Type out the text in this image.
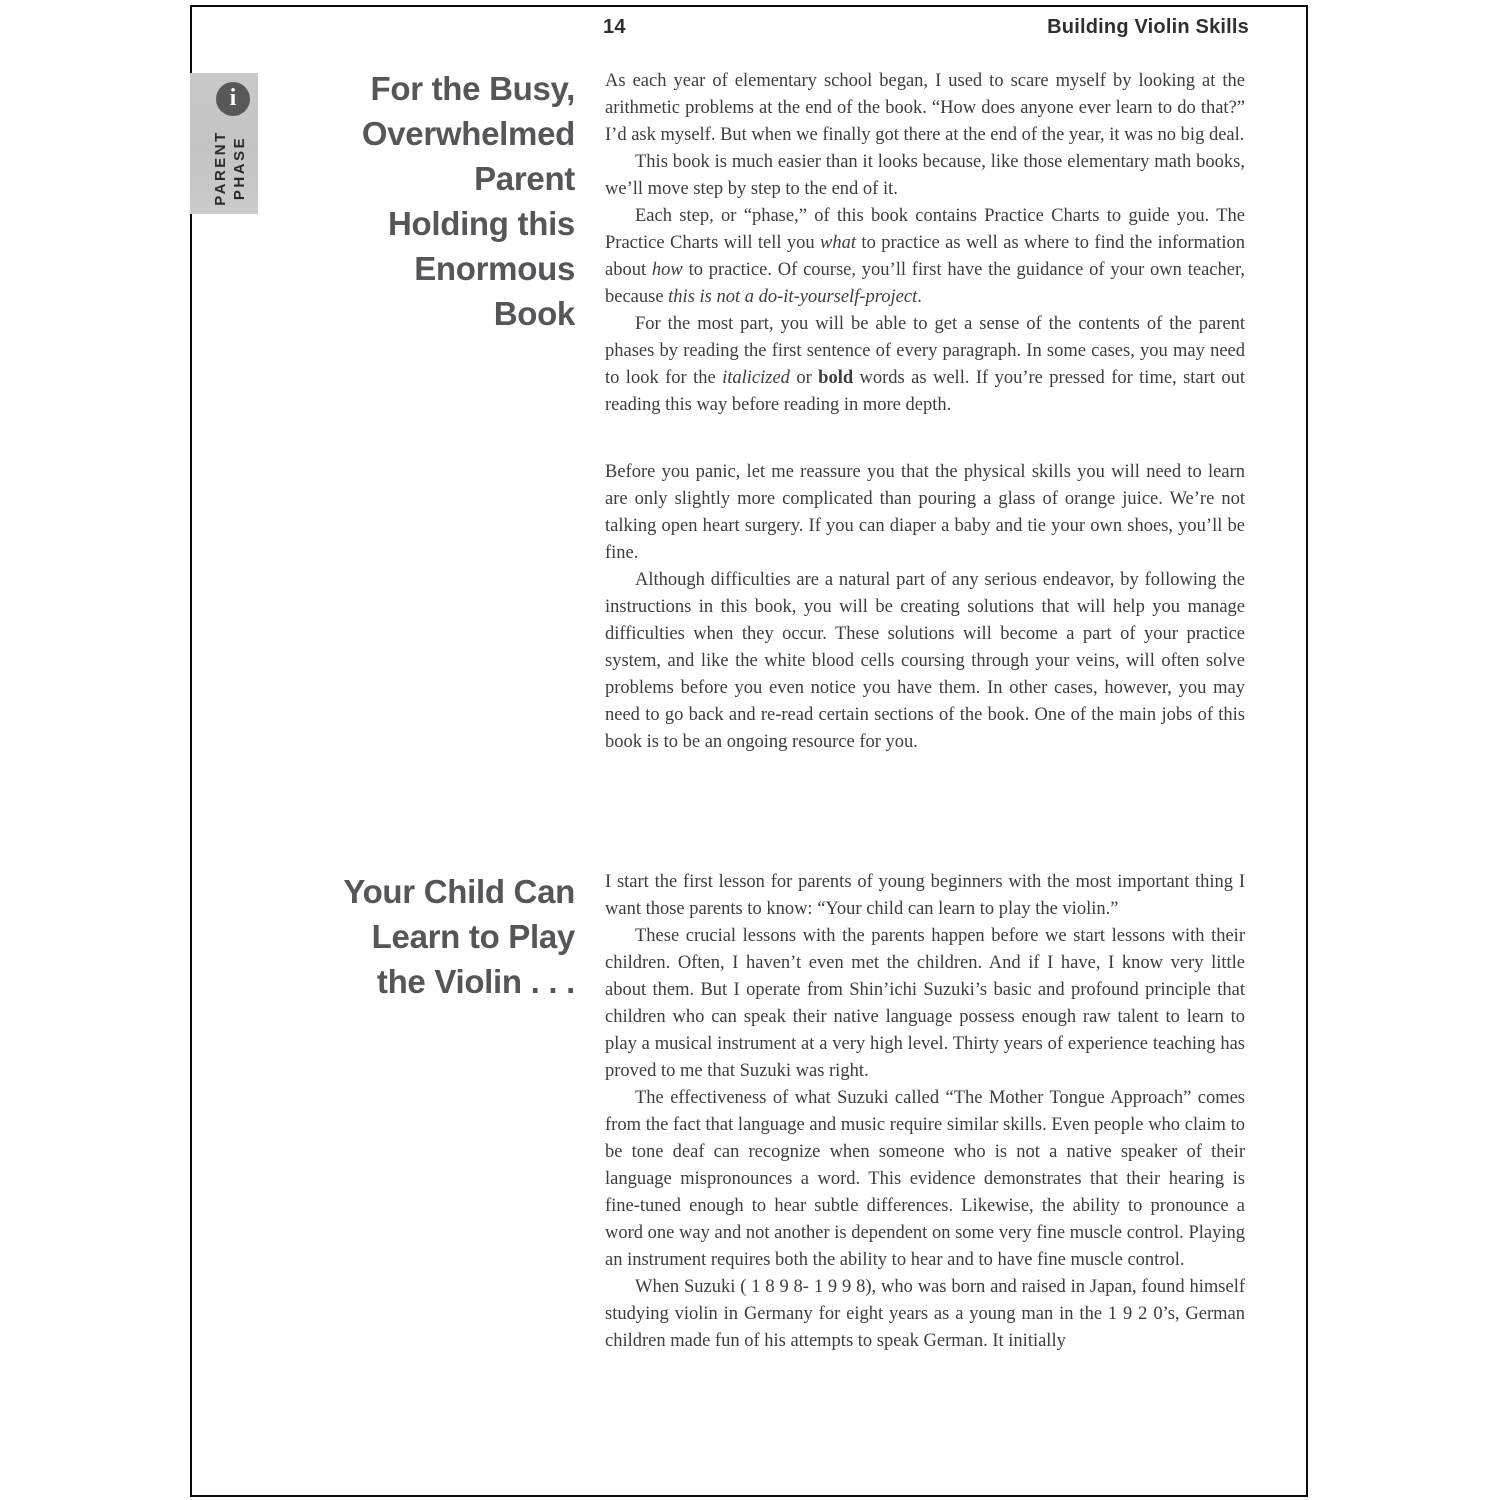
14	Building Violin Skills
i
PARENT PHASE
For the Busy,
Overwhelmed
Parent
Holding this
Enormous
Book

As each year of elementary school began, I used to scare myself by looking at the arithmetic problems at the end of the book. “How does anyone ever learn to do that?” I’d ask myself. But when we finally got there at the end of the year, it was no big deal.

This book is much easier than it looks because, like those elementary math books, we’ll move step by step to the end of it.

Each step, or “phase,” of this book contains Practice Charts to guide you. The Practice Charts will tell you what to practice as well as where to find the information about how to practice. Of course, you’ll first have the guidance of your own teacher, because this is not a do-it-yourself-project.

For the most part, you will be able to get a sense of the contents of the parent phases by reading the first sentence of every paragraph. In some cases, you may need to look for the italicized or bold words as well. If you’re pressed for time, start out reading this way before reading in more depth.

Before you panic, let me reassure you that the physical skills you will need to learn are only slightly more complicated than pouring a glass of orange juice. We’re not talking open heart surgery. If you can diaper a baby and tie your own shoes, you’ll be fine.

Although difficulties are a natural part of any serious endeavor, by following the instructions in this book, you will be creating solutions that will help you manage difficulties when they occur. These solutions will become a part of your practice system, and like the white blood cells coursing through your veins, will often solve problems before you even notice you have them. In other cases, however, you may need to go back and re-read certain sections of the book. One of the main jobs of this book is to be an ongoing resource for you.

Your Child Can
Learn to Play
the Violin . . .

I start the first lesson for parents of young beginners with the most important thing I want those parents to know: “Your child can learn to play the violin.”

These crucial lessons with the parents happen before we start lessons with their children. Often, I haven’t even met the children. And if I have, I know very little about them. But I operate from Shin’ichi Suzuki’s basic and profound principle that children who can speak their native language possess enough raw talent to learn to play a musical instrument at a very high level. Thirty years of experience teaching has proved to me that Suzuki was right.

The effectiveness of what Suzuki called “The Mother Tongue Approach” comes from the fact that language and music require similar skills. Even people who claim to be tone deaf can recognize when someone who is not a native speaker of their language mispronounces a word. This evidence demonstrates that their hearing is fine-tuned enough to hear subtle differences. Likewise, the ability to pronounce a word one way and not another is dependent on some very fine muscle control. Playing an instrument requires both the ability to hear and to have fine muscle control.

When Suzuki ( 1 8 9 8- 1 9 9 8), who was born and raised in Japan, found himself studying violin in Germany for eight years as a young man in the 1 9 2 0’s, German children made fun of his attempts to speak German. It initially
